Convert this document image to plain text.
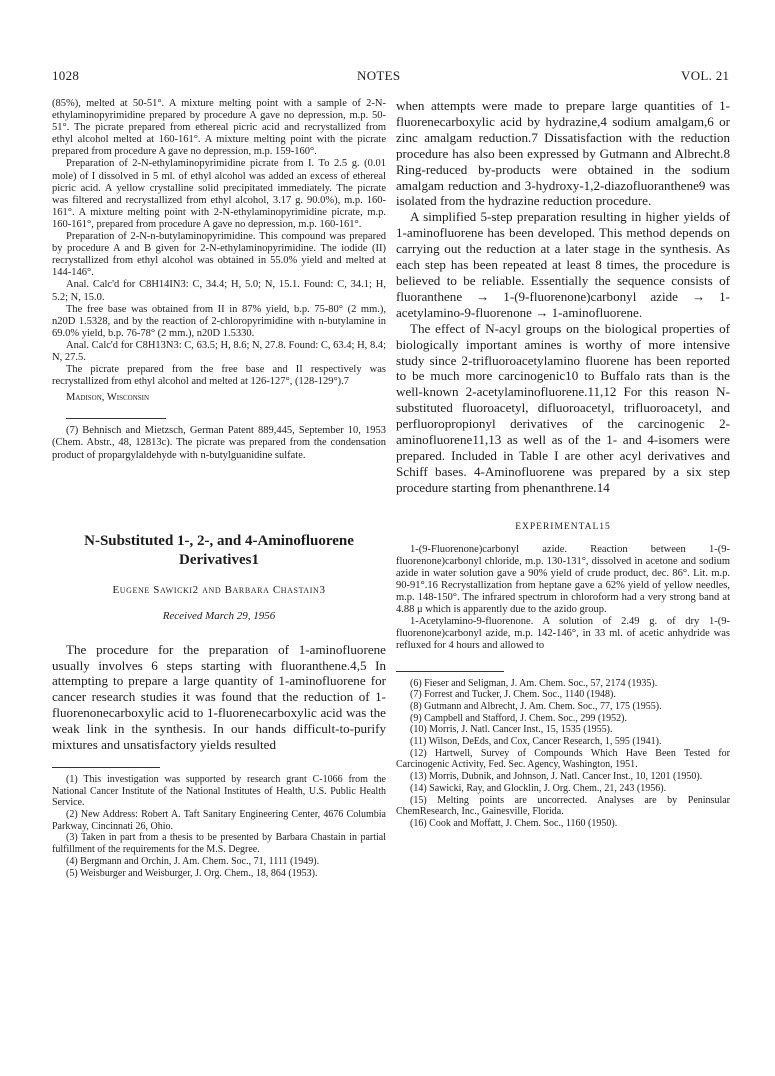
1028	NOTES	VOL. 21

(85%), melted at 50-51°. A mixture melting point with a sample of 2-N-ethylaminopyrimidine prepared by procedure A gave no depression, m.p. 50-51°. The picrate prepared from ethereal picric acid and recrystallized from ethyl alcohol melted at 160-161°. A mixture melting point with the picrate prepared from procedure A gave no depression, m.p. 159-160°.

Preparation of 2-N-ethylaminopyrimidine picrate from I. To 2.5 g. (0.01 mole) of I dissolved in 5 ml. of ethyl alcohol was added an excess of ethereal picric acid. A yellow crystalline solid precipitated immediately. The picrate was filtered and recrystallized from ethyl alcohol, 3.17 g. 90.0%), m.p. 160-161°. A mixture melting point with 2-N-ethylaminopyrimidine picrate, m.p. 160-161°, prepared from procedure A gave no depression, m.p. 160-161°.

Preparation of 2-N-n-butylaminopyrimidine. This compound was prepared by procedure A and B given for 2-N-ethylaminopyrimidine. The iodide (II) recrystallized from ethyl alcohol was obtained in 55.0% yield and melted at 144-146°.

Anal. Calc'd for C8H14IN3: C, 34.4; H, 5.0; N, 15.1. Found: C, 34.1; H, 5.2; N, 15.0.

The free base was obtained from II in 87% yield, b.p. 75-80° (2 mm.), n20D 1.5328, and by the reaction of 2-chloropyrimidine with n-butylamine in 69.0% yield, b.p. 76-78° (2 mm.), n20D 1.5330.

Anal. Calc'd for C8H13N3: C, 63.5; H, 8.6; N, 27.8. Found: C, 63.4; H, 8.4; N, 27.5.

The picrate prepared from the free base and II respectively was recrystallized from ethyl alcohol and melted at 126-127°, (128-129°).7

Madison, Wisconsin

(7) Behnisch and Mietzsch, German Patent 889,445, September 10, 1953 (Chem. Abstr., 48, 12813c). The picrate was prepared from the condensation product of propargylaldehyde with n-butylguanidine sulfate.

N-Substituted 1-, 2-, and 4-Aminofluorene Derivatives1
Eugene Sawicki2 and Barbara Chastain3
Received March 29, 1956

The procedure for the preparation of 1-aminofluorene usually involves 6 steps starting with fluoranthene.4,5 In attempting to prepare a large quantity of 1-aminofluorene for cancer research studies it was found that the reduction of 1-fluorenonecarboxylic acid to 1-fluorenecarboxylic acid was the weak link in the synthesis. In our hands difficult-to-purify mixtures and unsatisfactory yields resulted

(1) This investigation was supported by research grant C-1066 from the National Cancer Institute of the National Institutes of Health, U.S. Public Health Service.

(2) New Address: Robert A. Taft Sanitary Engineering Center, 4676 Columbia Parkway, Cincinnati 26, Ohio.

(3) Taken in part from a thesis to be presented by Barbara Chastain in partial fulfillment of the requirements for the M.S. Degree.

(4) Bergmann and Orchin, J. Am. Chem. Soc., 71, 1111 (1949).

(5) Weisburger and Weisburger, J. Org. Chem., 18, 864 (1953).

when attempts were made to prepare large quantities of 1-fluorenecarboxylic acid by hydrazine,4 sodium amalgam,6 or zinc amalgam reduction.7 Dissatisfaction with the reduction procedure has also been expressed by Gutmann and Albrecht.8 Ring-reduced by-products were obtained in the sodium amalgam reduction and 3-hydroxy-1,2-diazofluoranthene9 was isolated from the hydrazine reduction procedure.

A simplified 5-step preparation resulting in higher yields of 1-aminofluorene has been developed. This method depends on carrying out the reduction at a later stage in the synthesis. As each step has been repeated at least 8 times, the procedure is believed to be reliable. Essentially the sequence consists of fluoranthene → 1-(9-fluorenone)carbonyl azide → 1-acetylamino-9-fluorenone → 1-aminofluorene.

The effect of N-acyl groups on the biological properties of biologically important amines is worthy of more intensive study since 2-trifluoroacetylamino fluorene has been reported to be much more carcinogenic10 to Buffalo rats than is the well-known 2-acetylaminofluorene.11,12 For this reason N-substituted fluoroacetyl, difluoroacetyl, trifluoroacetyl, and perfluoropropionyl derivatives of the carcinogenic 2-aminofluorene11,13 as well as of the 1- and 4-isomers were prepared. Included in Table I are other acyl derivatives and Schiff bases. 4-Aminofluorene was prepared by a six step procedure starting from phenanthrene.14

EXPERIMENTAL15

1-(9-Fluorenone)carbonyl azide. Reaction between 1-(9-fluorenone)carbonyl chloride, m.p. 130-131°, dissolved in acetone and sodium azide in water solution gave a 90% yield of crude product, dec. 86°. Lit. m.p. 90-91°.16 Recrystallization from heptane gave a 62% yield of yellow needles, m.p. 148-150°. The infrared spectrum in chloroform had a very strong band at 4.88 μ which is apparently due to the azido group.

1-Acetylamino-9-fluorenone. A solution of 2.49 g. of dry 1-(9-fluorenone)carbonyl azide, m.p. 142-146°, in 33 ml. of acetic anhydride was refluxed for 4 hours and allowed to

(6) Fieser and Seligman, J. Am. Chem. Soc., 57, 2174 (1935).

(7) Forrest and Tucker, J. Chem. Soc., 1140 (1948).

(8) Gutmann and Albrecht, J. Am. Chem. Soc., 77, 175 (1955).

(9) Campbell and Stafford, J. Chem. Soc., 299 (1952).

(10) Morris, J. Natl. Cancer Inst., 15, 1535 (1955).

(11) Wilson, DeEds, and Cox, Cancer Research, 1, 595 (1941).

(12) Hartwell, Survey of Compounds Which Have Been Tested for Carcinogenic Activity, Fed. Sec. Agency, Washington, 1951.

(13) Morris, Dubnik, and Johnson, J. Natl. Cancer Inst., 10, 1201 (1950).

(14) Sawicki, Ray, and Glocklin, J. Org. Chem., 21, 243 (1956).

(15) Melting points are uncorrected. Analyses are by Peninsular ChemResearch, Inc., Gainesville, Florida.

(16) Cook and Moffatt, J. Chem. Soc., 1160 (1950).
